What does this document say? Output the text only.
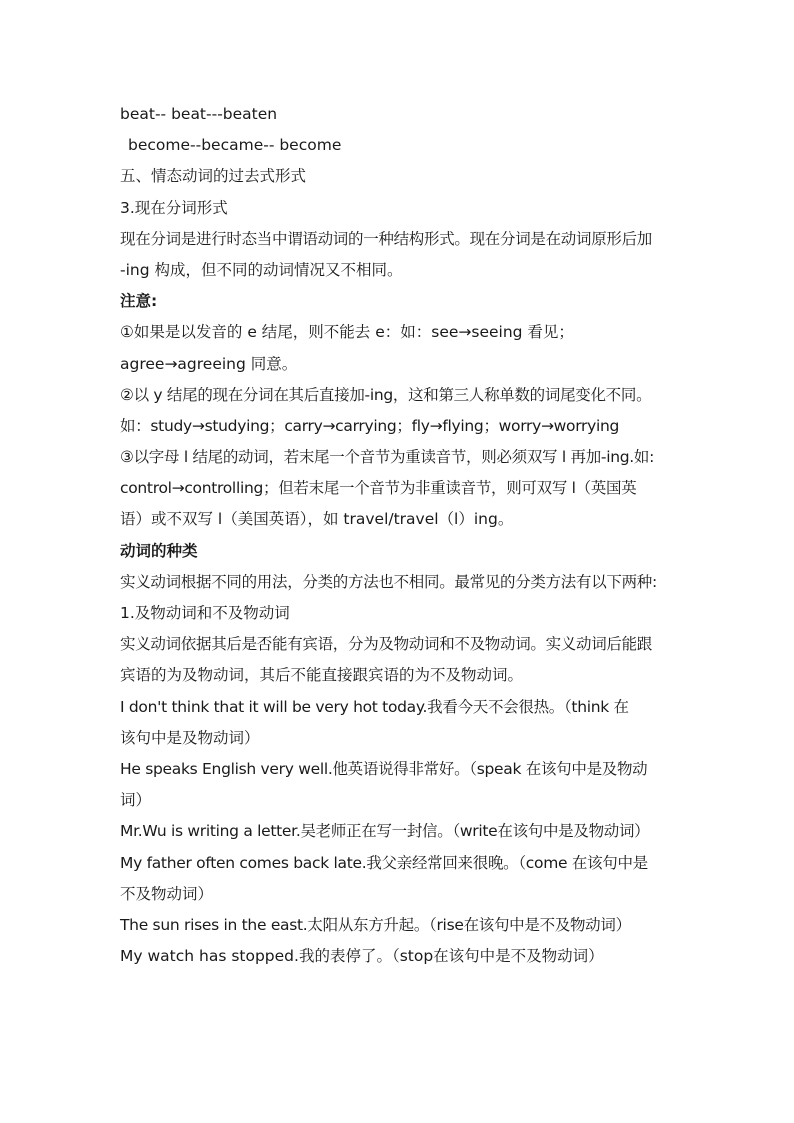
beat-- beat---beaten
become--became-- become
五、情态动词的过去式形式
3.现在分词形式
现在分词是进行时态当中谓语动词的一种结构形式。现在分词是在动词原形后加
-ing 构成，但不同的动词情况又不相同。
注意:
①如果是以发音的 e 结尾，则不能去 e：如：see→seeing 看见；
agree→agreeing 同意。
②以 y 结尾的现在分词在其后直接加-ing，这和第三人称单数的词尾变化不同。
如：study→studying；carry→carrying；fly→flying；worry→worrying
③以字母 l 结尾的动词，若末尾一个音节为重读音节，则必须双写 l 再加-ing.如:
control→controlling；但若末尾一个音节为非重读音节，则可双写 l（英国英
语）或不双写 l（美国英语），如 travel/travel（l）ing。
动词的种类
实义动词根据不同的用法，分类的方法也不相同。最常见的分类方法有以下两种:
1.及物动词和不及物动词
实义动词依据其后是否能有宾语，分为及物动词和不及物动词。实义动词后能跟
宾语的为及物动词，其后不能直接跟宾语的为不及物动词。
I don't think that it will be very hot today.我看今天不会很热。（think 在
该句中是及物动词）
He speaks English very well.他英语说得非常好。（speak 在该句中是及物动
词）
Mr.Wu is writing a letter.吴老师正在写一封信。（write在该句中是及物动词）
My father often comes back late.我父亲经常回来很晚。（come 在该句中是
不及物动词）
The sun rises in the east.太阳从东方升起。（rise在该句中是不及物动词）
My watch has stopped.我的表停了。（stop在该句中是不及物动词）
